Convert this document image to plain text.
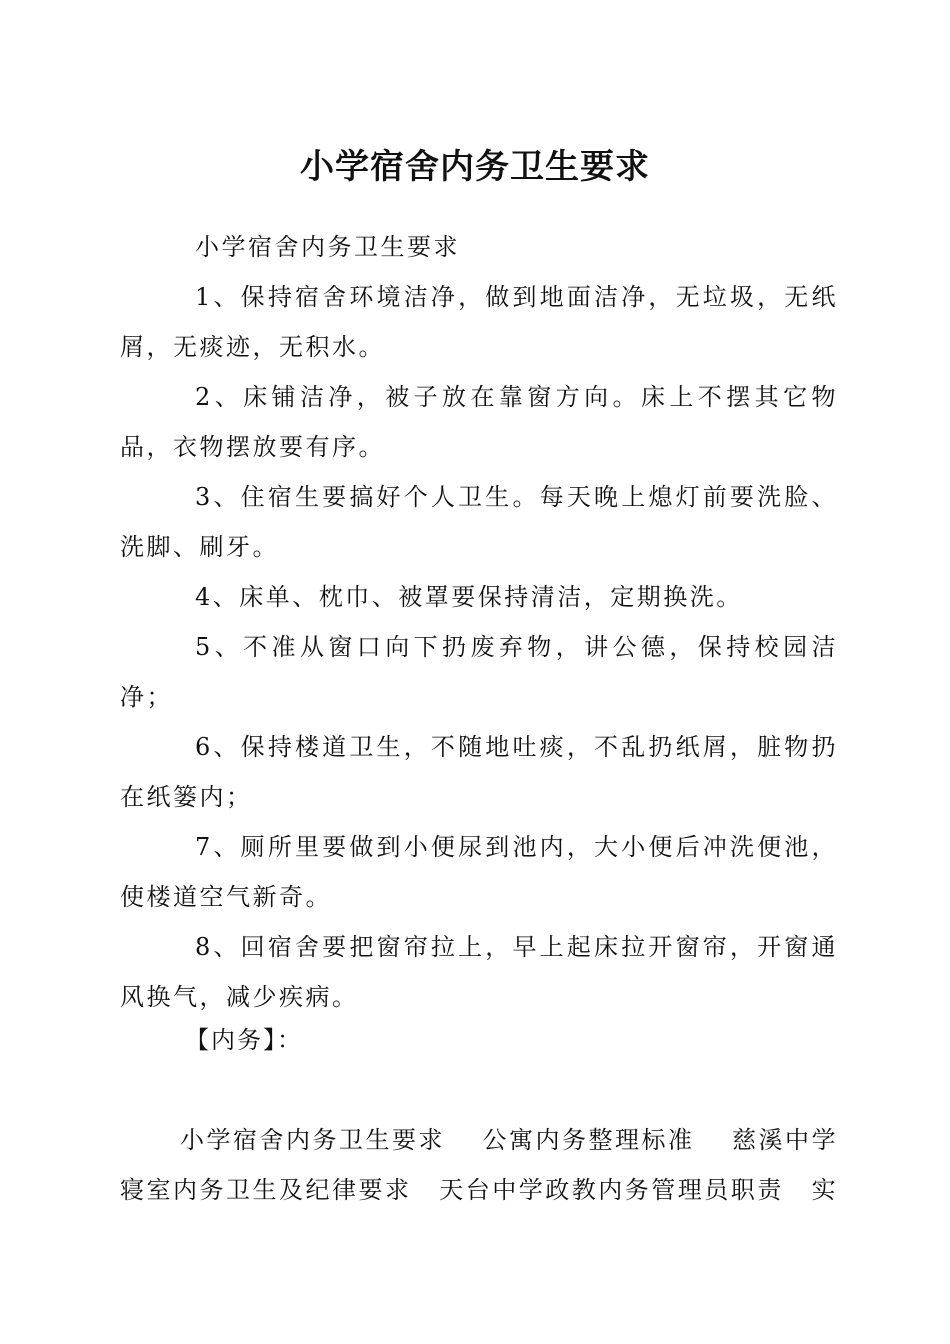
小学宿舍内务卫生要求

小学宿舍内务卫生要求

1、保持宿舍环境洁净，做到地面洁净，无垃圾，无纸屑，无痰迹，无积水。

2、床铺洁净，被子放在靠窗方向。床上不摆其它物品，衣物摆放要有序。

3、住宿生要搞好个人卫生。每天晚上熄灯前要洗脸、洗脚、刷牙。

4、床单、枕巾、被罩要保持清洁，定期换洗。

5、不准从窗口向下扔废弃物，讲公德，保持校园洁净；

6、保持楼道卫生，不随地吐痰，不乱扔纸屑，脏物扔在纸篓内；

7、厕所里要做到小便尿到池内，大小便后冲洗便池，使楼道空气新奇。

8、回宿舍要把窗帘拉上，早上起床拉开窗帘，开窗通风换气，减少疾病。

【内务】：

小学宿舍内务卫生要求 公寓内务整理标准 慈溪中学
寝室内务卫生及纪律要求 天台中学政教内务管理员职责 实
